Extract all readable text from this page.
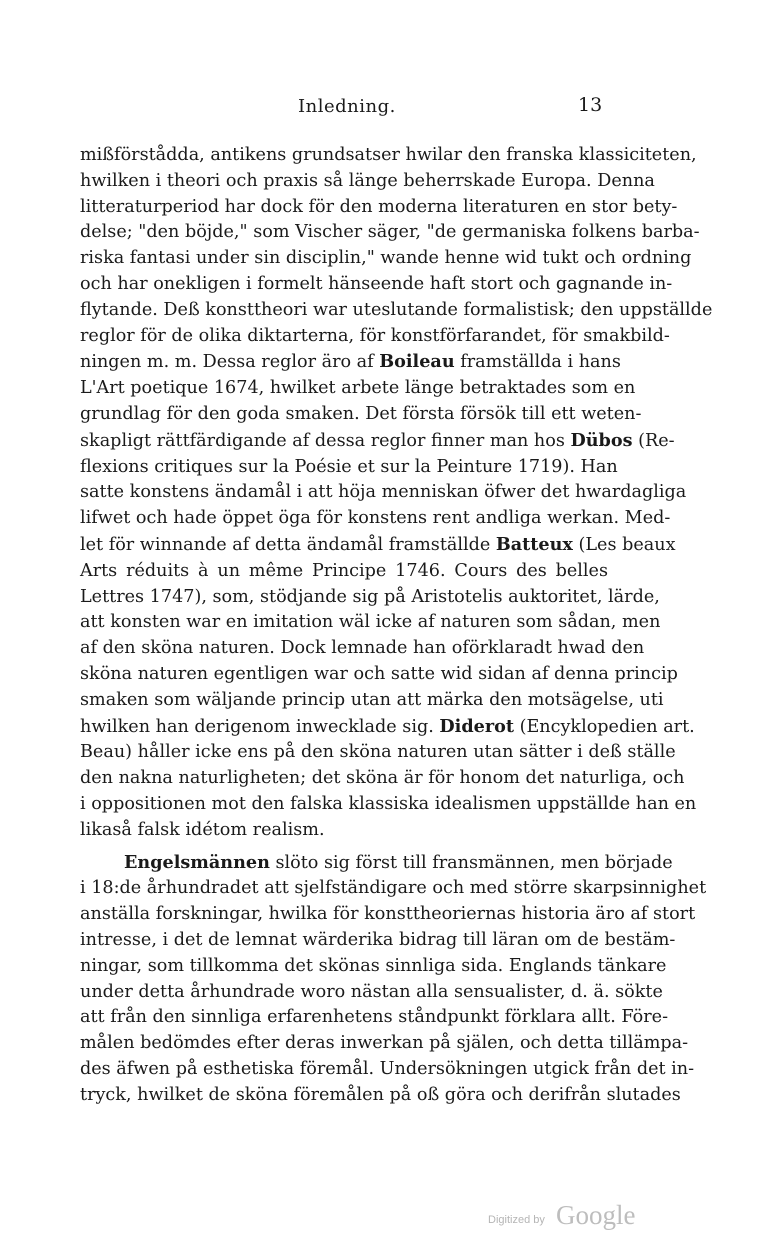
Inledning.	13
mißförstådda, antikens grundsatser hwilar den franska klassiciteten,
hwilken i theori och praxis så länge beherrskade Europa. Denna
litteraturperiod har dock för den moderna literaturen en stor bety-
delse; "den böjde," som Vischer säger, "de germaniska folkens barba-
riska fantasi under sin disciplin," wande henne wid tukt och ordning
och har onekligen i formelt hänseende haft stort och gagnande in-
flytande. Deß konsttheori war uteslutande formalistisk; den uppställde
reglor för de olika diktarterna, för konstförfarandet, för smakbild-
ningen m. m. Dessa reglor äro af Boileau framställda i hans
L'Art poetique 1674, hwilket arbete länge betraktades som en
grundlag för den goda smaken. Det första försök till ett weten-
skapligt rättfärdigande af dessa reglor finner man hos Dübos (Re-
flexions critiques sur la Poésie et sur la Peinture 1719). Han
satte konstens ändamål i att höja menniskan öfwer det hwardagliga
lifwet och hade öppet öga för konstens rent andliga werkan. Med-
let för winnande af detta ändamål framställde Batteux (Les beaux
Arts réduits à un même Principe 1746. Cours des belles
Lettres 1747), som, stödjande sig på Aristotelis auktoritet, lärde,
att konsten war en imitation wäl icke af naturen som sådan, men
af den sköna naturen. Dock lemnade han oförklaradt hwad den
sköna naturen egentligen war och satte wid sidan af denna princip
smaken som wäljande princip utan att märka den motsägelse, uti
hwilken han derigenom inweckl​ade sig. Diderot (Encyklopedien art.
Beau) håller icke ens på den sköna naturen utan sätter i deß ställe
den nakna naturligheten; det sköna är för honom det naturliga, och
i oppositionen mot den falska klassiska idealismen uppställde han en
likaså falsk idétom realism.
Engelsmännen slöto sig först till fransmännen, men började
i 18:de århundradet att sjelfständigare och med större skarpsinnighet
anställa forskningar, hwilka för konsttheoriernas historia äro af stort
intresse, i det de lemnat wärderika bidrag till läran om de bestäm-
ningar, som tillkomma det skönas sinnliga sida. Englands tänkare
under detta århundrade woro nästan alla sensualister, d. ä. sökte
att från den sinnliga erfarenhetens ståndpunkt förklara allt. Före-
målen bedömdes efter deras inwerkan på själen, och detta tillämpa-
des äfwen på esthetiska föremål. Undersökningen utgick från det in-
tryck, hwilket de sköna föremålen på oß göra och derifrån slutades
Digitized by Google
